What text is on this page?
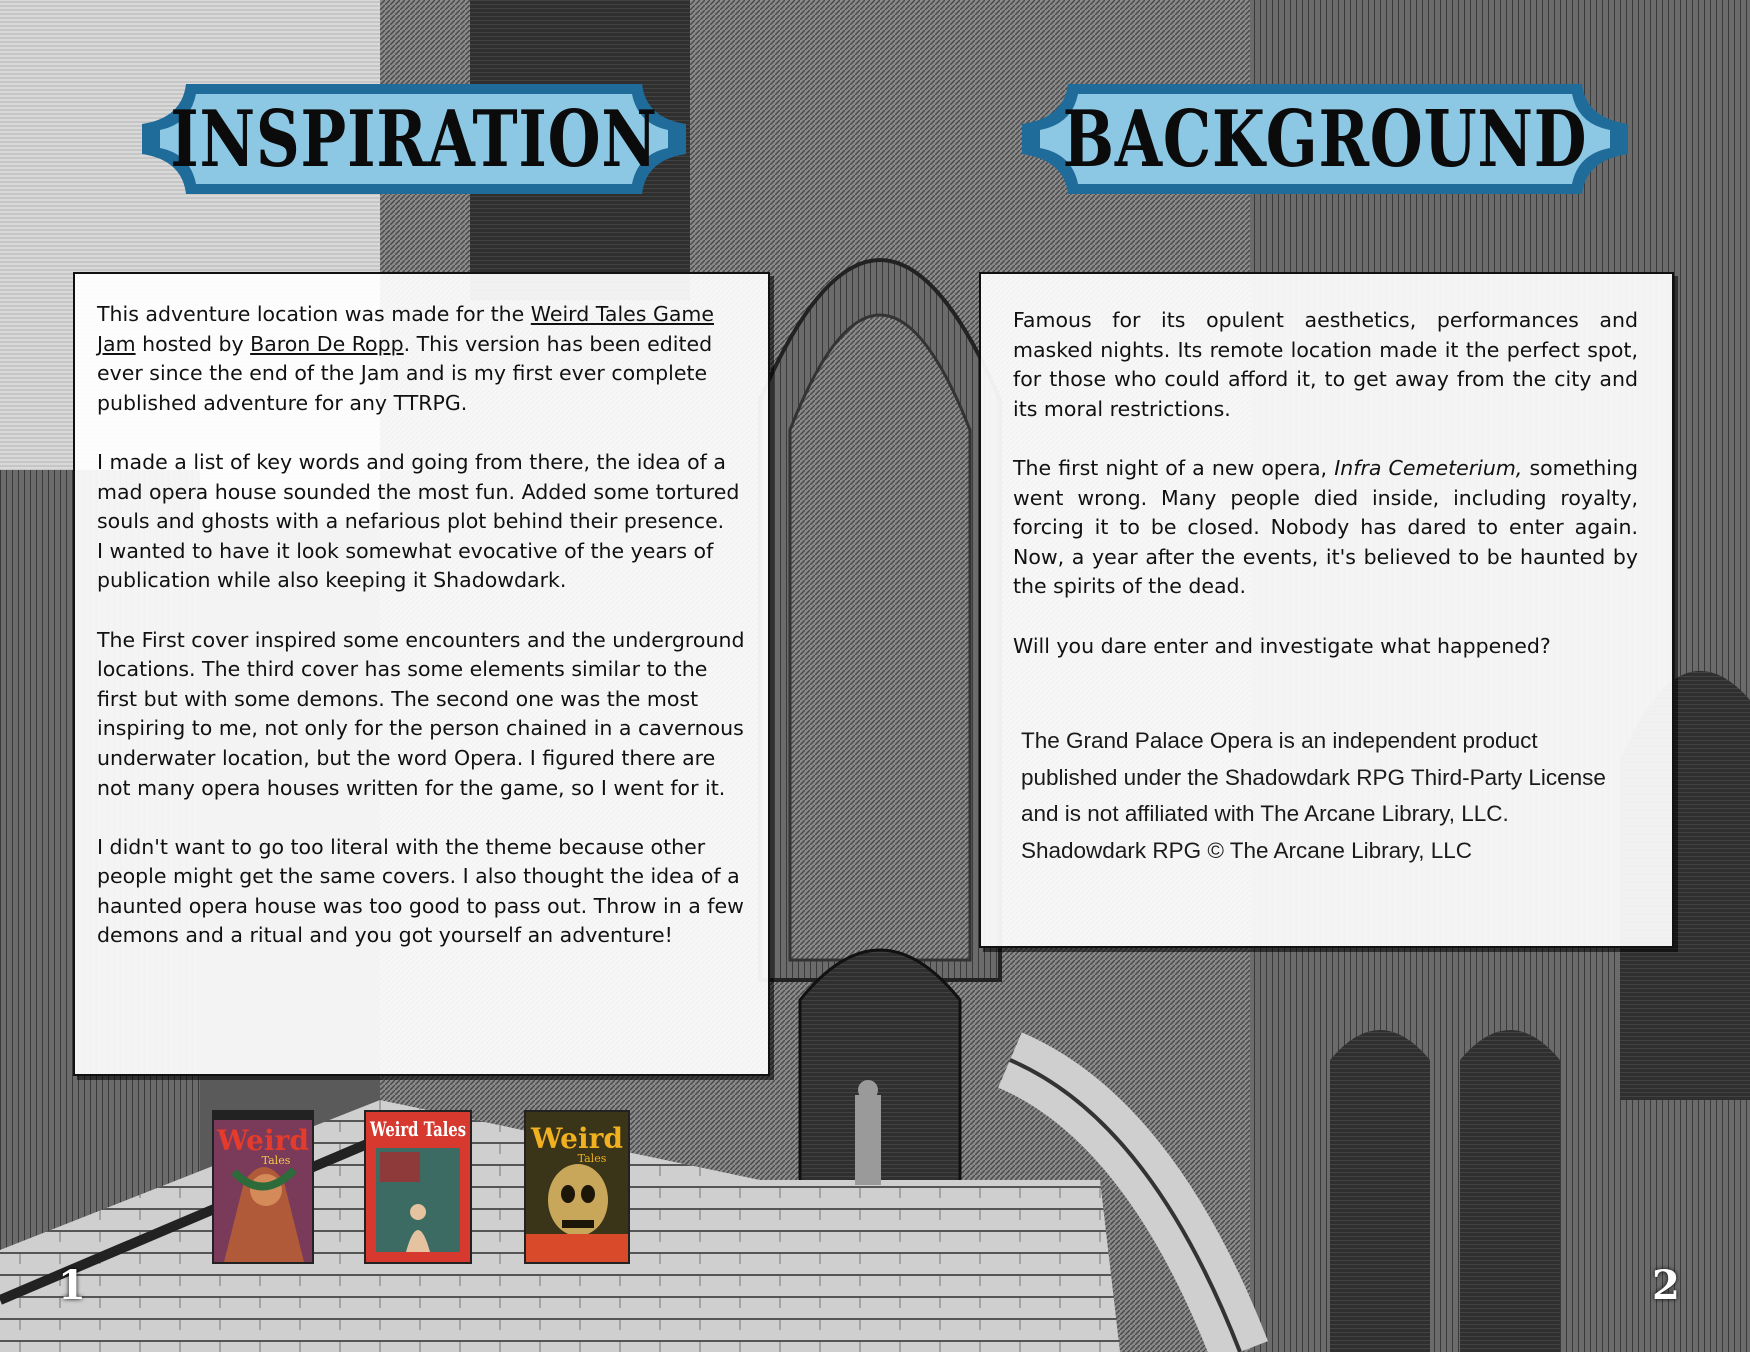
INSPIRATION	BACKGROUND

This adventure location was made for the Weird Tales Game Jam hosted by Baron De Ropp. This version has been edited ever since the end of the Jam and is my first ever complete published adventure for any TTRPG.

I made a list of key words and going from there, the idea of a mad opera house sounded the most fun. Added some tortured souls and ghosts with a nefarious plot behind their presence.

I wanted to have it look somewhat evocative of the years of publication while also keeping it Shadowdark.

The First cover inspired some encounters and the underground locations. The third cover has some elements similar to the first but with some demons. The second one was the most inspiring to me, not only for the person chained in a cavernous underwater location, but the word Opera. I figured there are not many opera houses written for the game, so I went for it.

I didn't want to go too literal with the theme because other people might get the same covers. I also thought the idea of a haunted opera house was too good to pass out. Throw in a few demons and a ritual and you got yourself an adventure!

Famous for its opulent aesthetics, performances and masked nights. Its remote location made it the perfect spot, for those who could afford it, to get away from the city and its moral restrictions.

The first night of a new opera, Infra Cemeterium, something went wrong. Many people died inside, including royalty, forcing it to be closed. Nobody has dared to enter again. Now, a year after the events, it's believed to be haunted by the spirits of the dead.

Will you dare enter and investigate what happened?

The Grand Palace Opera is an independent product published under the Shadowdark RPG Third-Party License and is not affiliated with The Arcane Library, LLC. Shadowdark RPG © The Arcane Library, LLC
Weird
Tales
Weird Tales Weird
Tales
1	2
